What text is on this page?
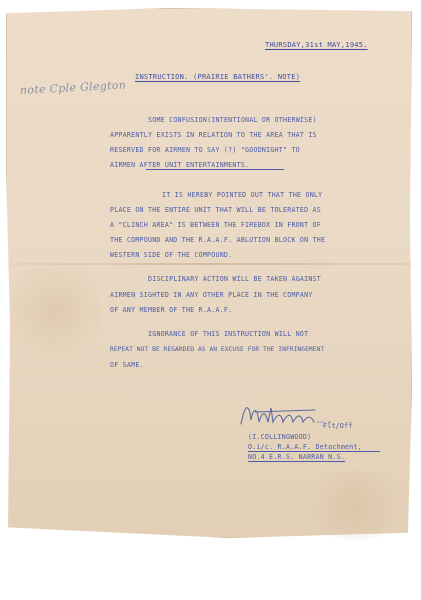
THURSDAY,31st MAY,1945.

INSTRUCTION. (PRAIRIE BATHERS'. NOTE)

note Cple Glegton

SOME CONFUSION(INTENTIONAL OR OTHERWISE)

APPARENTLY EXISTS IN RELATION TO THE AREA THAT IS

RESERVED FOR AIRMEN TO SAY (?) "GOODNIGHT" TO

AIRMEN AFTER UNIT ENTERTAINMENTS.

IT IS HEREBY POINTED OUT THAT THE ONLY

PLACE ON THE ENTIRE UNIT THAT WILL BE TOLERATED AS

A "CLINCH AREA" IS BETWEEN THE FIREBOX IN FRONT OF

THE COMPOUND AND THE R.A.A.F. ABLUTION BLOCK ON THE

WESTERN SIDE OF THE COMPOUND.

DISCIPLINARY ACTION WILL BE TAKEN AGAINST

AIRMEN SIGHTED IN ANY OTHER PLACE IN THE COMPANY

OF ANY MEMBER OF THE R.A.A.F.

IGNORANCE OF THIS INSTRUCTION WILL NOT

REPEAT NOT BE REGARDED AS AN EXCUSE FOR THE INFRINGEMENT

OF SAME.

Flt/Off

(I.COLLINGWOOD)

O.i/c. R.A.A.F. Detachment,

NO.4 E.R.S. NARRAN N.S.
